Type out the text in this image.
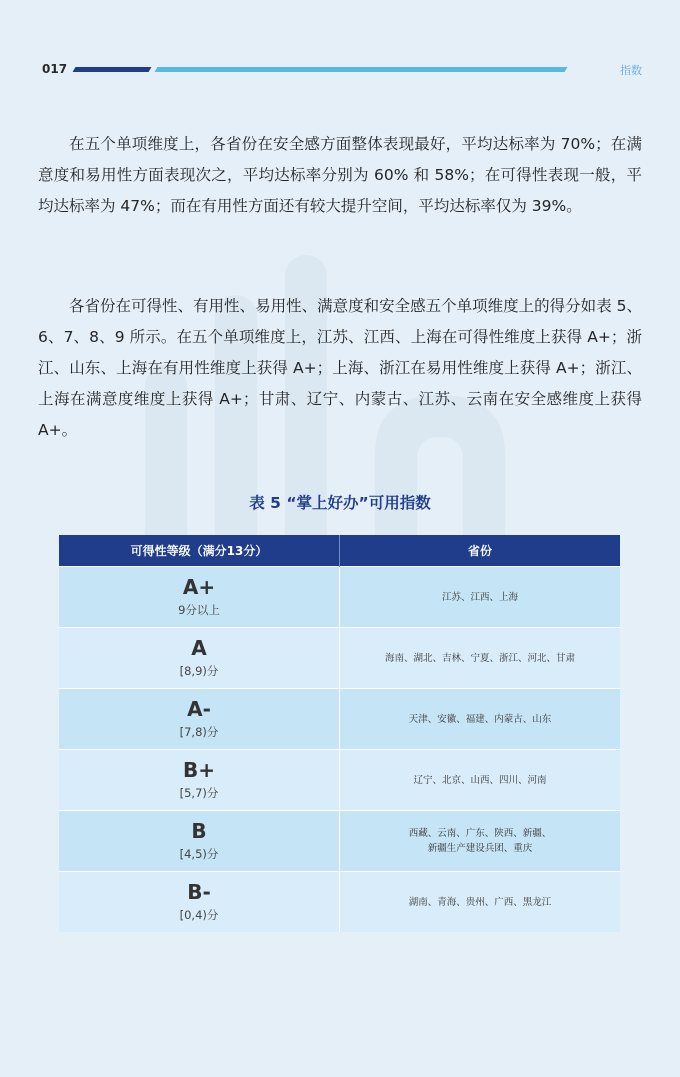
017	指数

在五个单项维度上，各省份在安全感方面整体表现最好，平均达标率为 70%；在满意度和易用性方面表现次之，平均达标率分别为 60% 和 58%；在可得性表现一般，平均达标率为 47%；而在有用性方面还有较大提升空间，平均达标率仅为 39%。

各省份在可得性、有用性、易用性、满意度和安全感五个单项维度上的得分如表 5、6、7、8、9 所示。在五个单项维度上，江苏、江西、上海在可得性维度上获得 A+；浙江、山东、上海在有用性维度上获得 A+；上海、浙江在易用性维度上获得 A+；浙江、上海在满意度维度上获得 A+；甘肃、辽宁、内蒙古、江苏、云南在安全感维度上获得 A+。

表 5 “掌上好办”可用指数
可得性等级（满分13分）	省份

A+
9分以上	江苏、江西、上海

A
[8,9)分	海南、湖北、吉林、宁夏、浙江、河北、甘肃

A-
[7,8)分	天津、安徽、福建、内蒙古、山东

B+
[5,7)分	辽宁、北京、山西、四川、河南

B
[4,5)分	西藏、云南、广东、陕西、新疆、
新疆生产建设兵团、重庆

B-
[0,4)分	湖南、青海、贵州、广西、黑龙江
